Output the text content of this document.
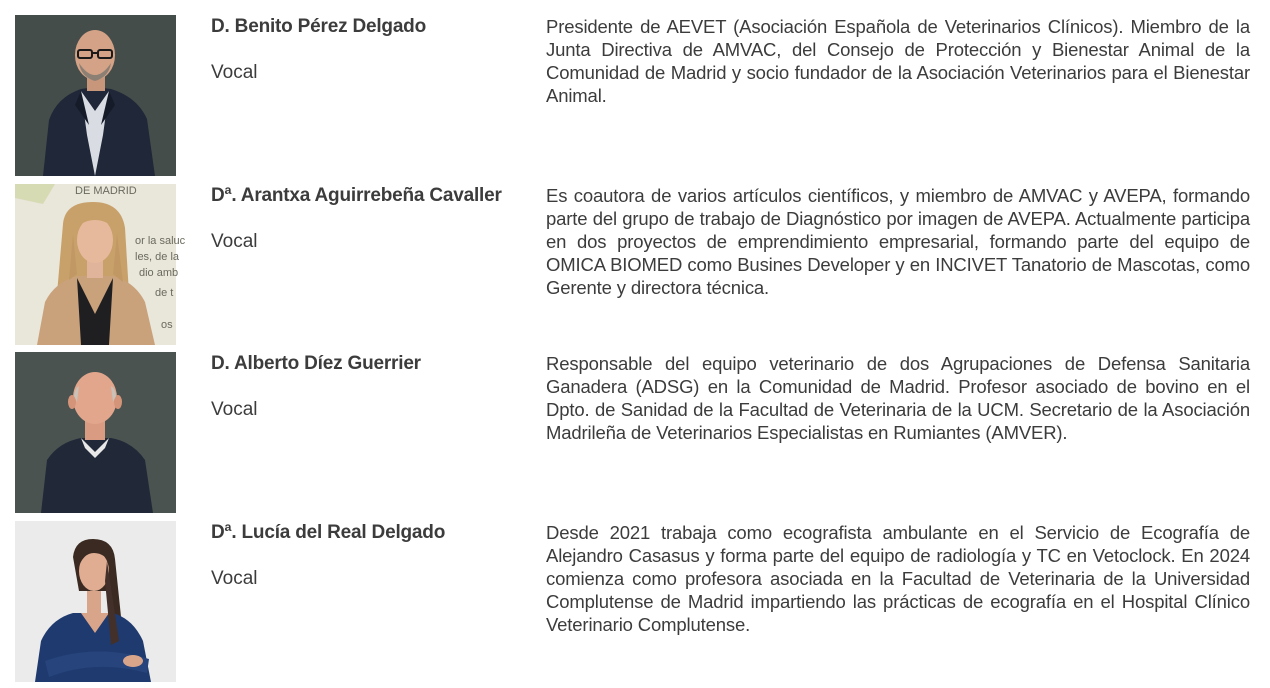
D. Benito Pérez Delgado
Vocal
Presidente de AEVET (Asociación Española de Veterinarios Clínicos). Miembro de la Junta Directiva de AMVAC, del Consejo de Protección y Bienestar Animal de la Comunidad de Madrid y socio fundador de la Asociación Veterinarios para el Bienestar Animal.
DE MADRID
or la saluc
les, de la
dio amb
de t
os
Dª. Arantxa Aguirrebeña Cavaller
Vocal
Es coautora de varios artículos científicos, y miembro de AMVAC y AVEPA, formando parte del grupo de trabajo de Diagnóstico por imagen de AVEPA. Actualmente participa en dos proyectos de emprendimiento empresarial, formando parte del equipo de OMICA BIOMED como Busines Developer y en INCIVET Tanatorio de Mascotas, como Gerente y directora técnica.
D. Alberto Díez Guerrier
Vocal
Responsable del equipo veterinario de dos Agrupaciones de Defensa Sanitaria Ganadera (ADSG) en la Comunidad de Madrid. Profesor asociado de bovino en el Dpto. de Sanidad de la Facultad de Veterinaria de la UCM. Secretario de la Asociación Madrileña de Veterinarios Especialistas en Rumiantes (AMVER).
Dª. Lucía del Real Delgado
Vocal
Desde 2021 trabaja como ecografista ambulante en el Servicio de Ecografía de Alejandro Casasus y forma parte del equipo de radiología y TC en Vetoclock. En 2024 comienza como profesora asociada en la Facultad de Veterinaria de la Universidad Complutense de Madrid impartiendo las prácticas de ecografía en el Hospital Clínico Veterinario Complutense.
